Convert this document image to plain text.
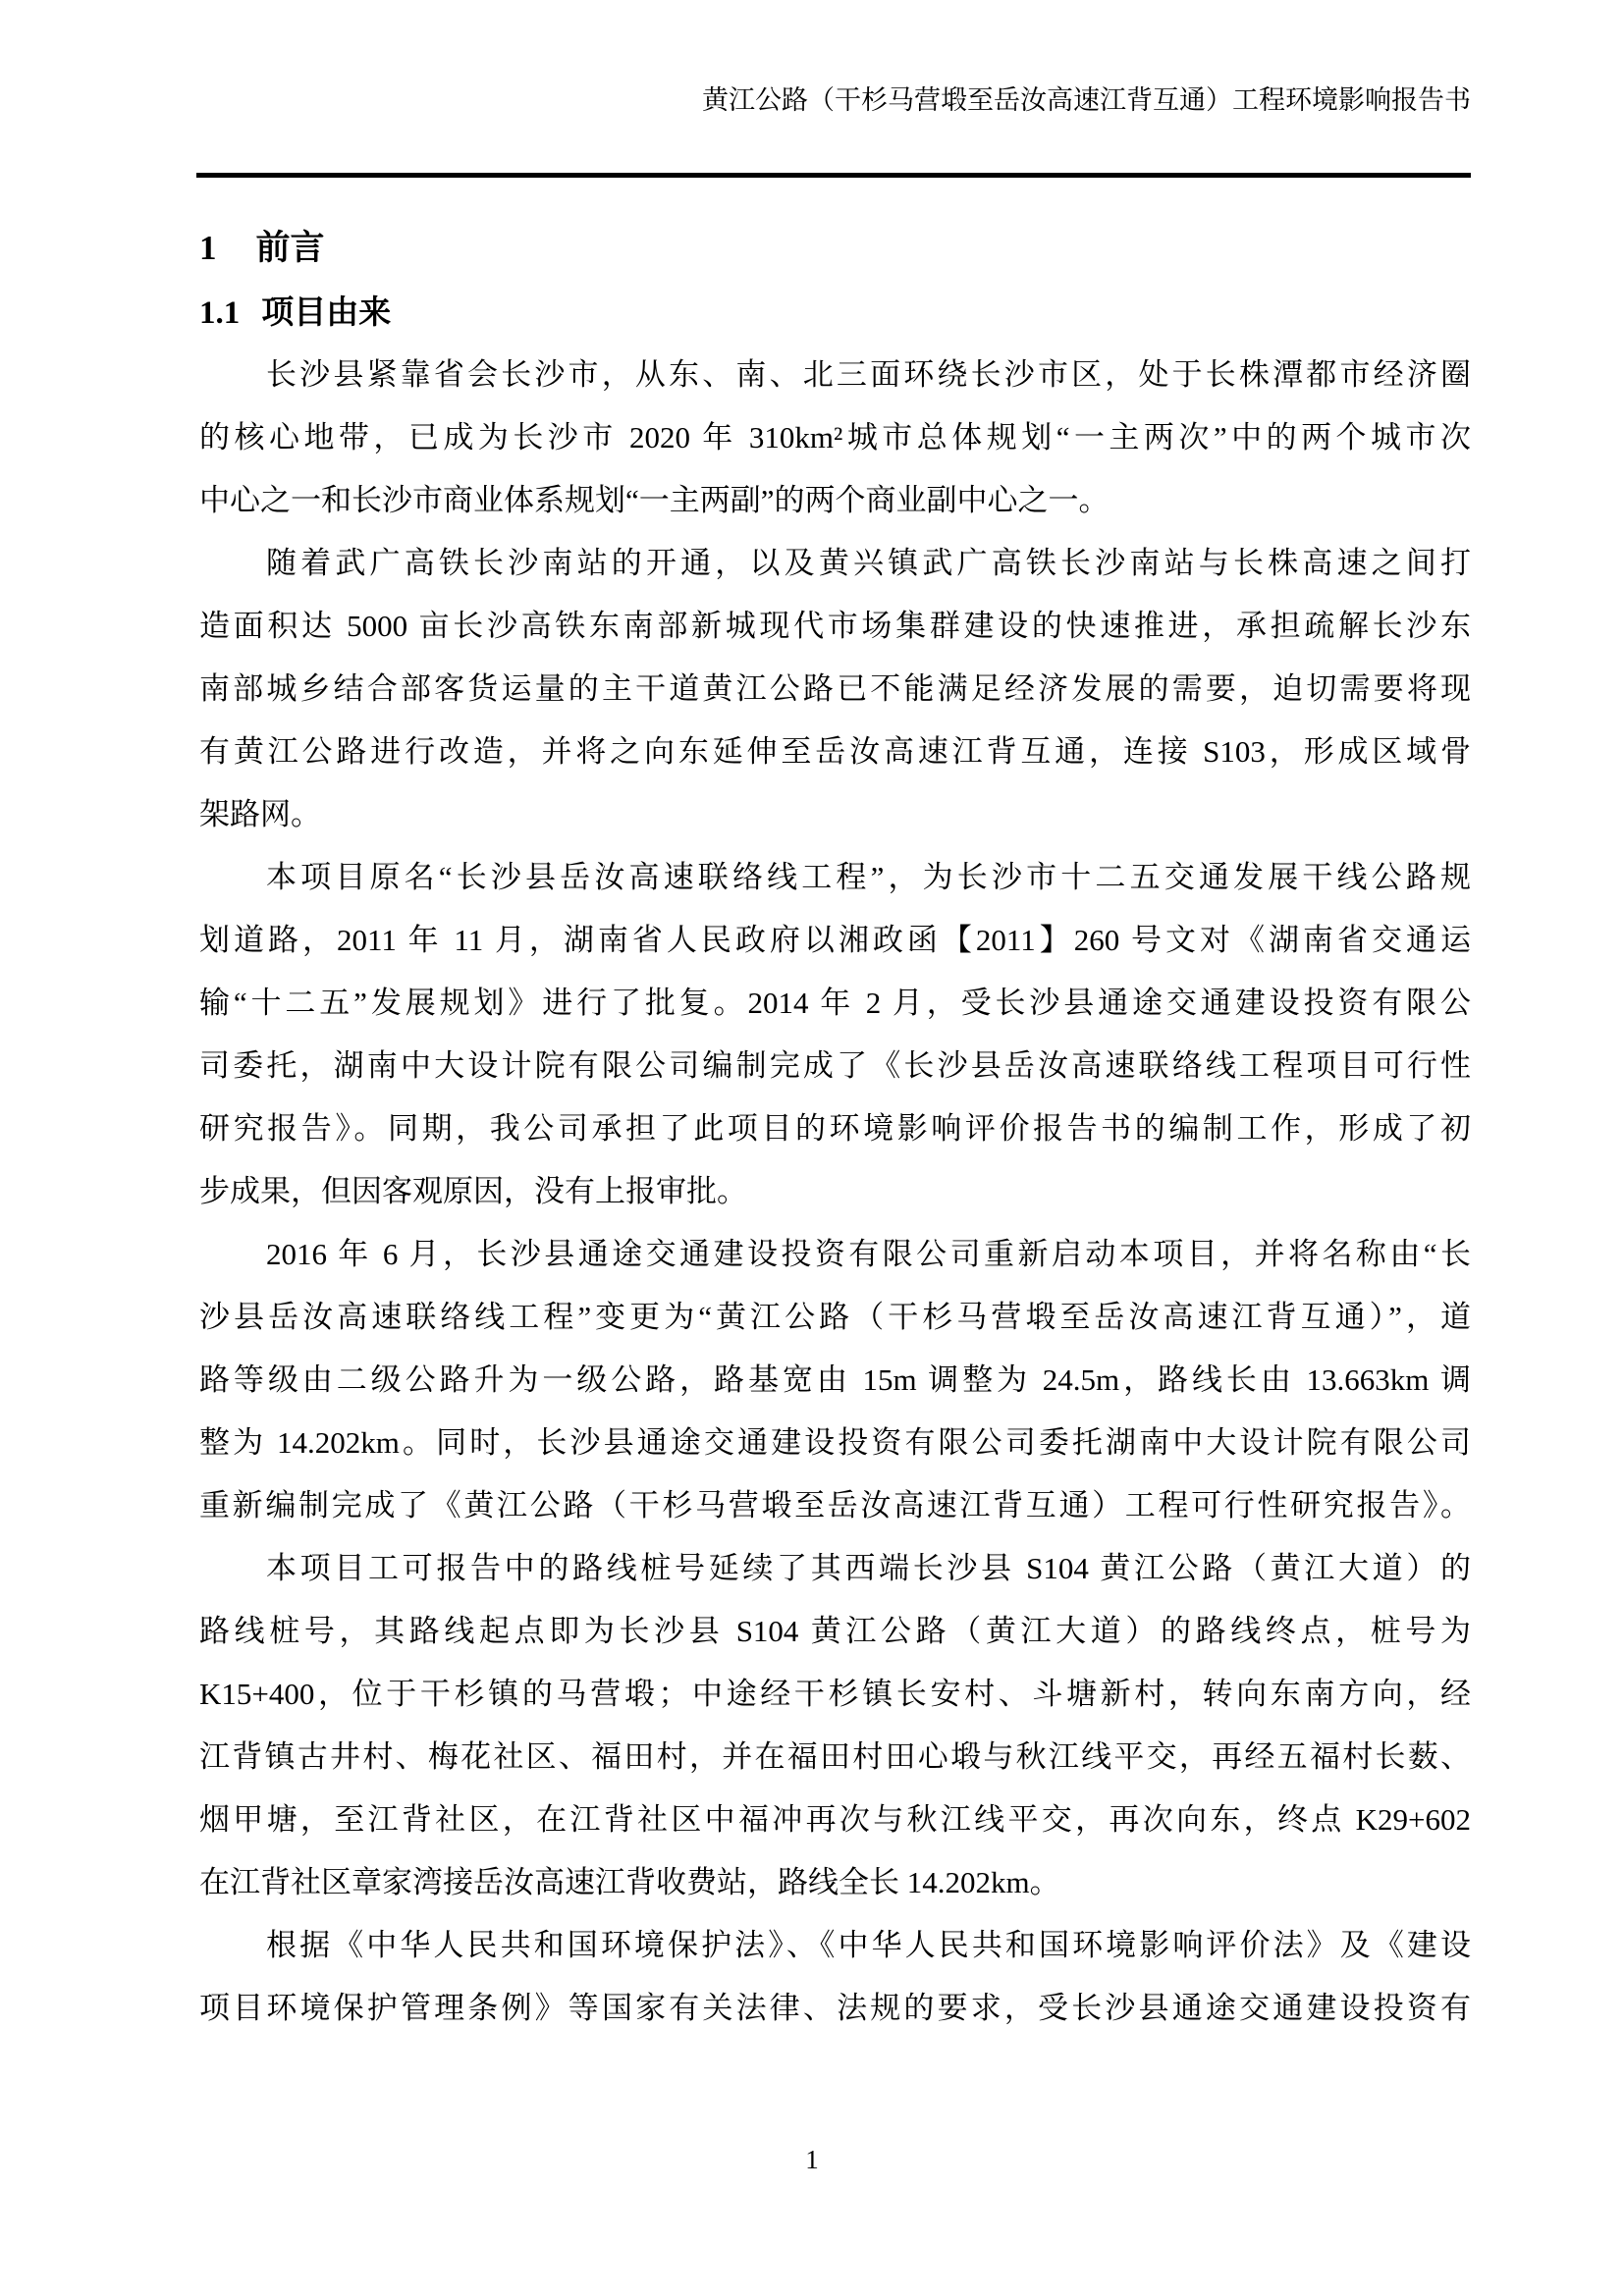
黄江公路（干杉马营塅至岳汝高速江背互通）工程环境影响报告书
1 前言
1.1 项目由来
长沙县紧靠省会长沙市，从东、南、北三面环绕长沙市区，处于长株潭都市经济圈
的核心地带，已成为长沙市 2020 年 310km²城市总体规划“一主两次”中的两个城市次
中心之一和长沙市商业体系规划“一主两副”的两个商业副中心之一。
随着武广高铁长沙南站的开通，以及黄兴镇武广高铁长沙南站与长株高速之间打
造面积达 5000 亩长沙高铁东南部新城现代市场集群建设的快速推进，承担疏解长沙东
南部城乡结合部客货运量的主干道黄江公路已不能满足经济发展的需要，迫切需要将现
有黄江公路进行改造，并将之向东延伸至岳汝高速江背互通，连接 S103，形成区域骨
架路网。
本项目原名“长沙县岳汝高速联络线工程”，为长沙市十二五交通发展干线公路规
划道路，2011 年 11 月，湖南省人民政府以湘政函【2011】260 号文对《湖南省交通运
输“十二五”发展规划》进行了批复。2014 年 2 月，受长沙县通途交通建设投资有限公
司委托，湖南中大设计院有限公司编制完成了《长沙县岳汝高速联络线工程项目可行性
研究报告》。同期，我公司承担了此项目的环境影响评价报告书的编制工作，形成了初
步成果，但因客观原因，没有上报审批。
2016 年 6 月，长沙县通途交通建设投资有限公司重新启动本项目，并将名称由“长
沙县岳汝高速联络线工程”变更为“黄江公路（干杉马营塅至岳汝高速江背互通）”，道
路等级由二级公路升为一级公路，路基宽由 15m 调整为 24.5m，路线长由 13.663km 调
整为 14.202km。同时，长沙县通途交通建设投资有限公司委托湖南中大设计院有限公司
重新编制完成了《黄江公路（干杉马营塅至岳汝高速江背互通）工程可行性研究报告》。
本项目工可报告中的路线桩号延续了其西端长沙县 S104 黄江公路（黄江大道）的
路线桩号，其路线起点即为长沙县 S104 黄江公路（黄江大道）的路线终点，桩号为
K15+400，位于干杉镇的马营塅；中途经干杉镇长安村、斗塘新村，转向东南方向，经
江背镇古井村、梅花社区、福田村，并在福田村田心塅与秋江线平交，再经五福村长薮、
烟甲塘，至江背社区，在江背社区中福冲再次与秋江线平交，再次向东，终点 K29+602
在江背社区章家湾接岳汝高速江背收费站，路线全长 14.202km。
根据《中华人民共和国环境保护法》、《中华人民共和国环境影响评价法》及《建设
项目环境保护管理条例》等国家有关法律、法规的要求，受长沙县通途交通建设投资有
1
